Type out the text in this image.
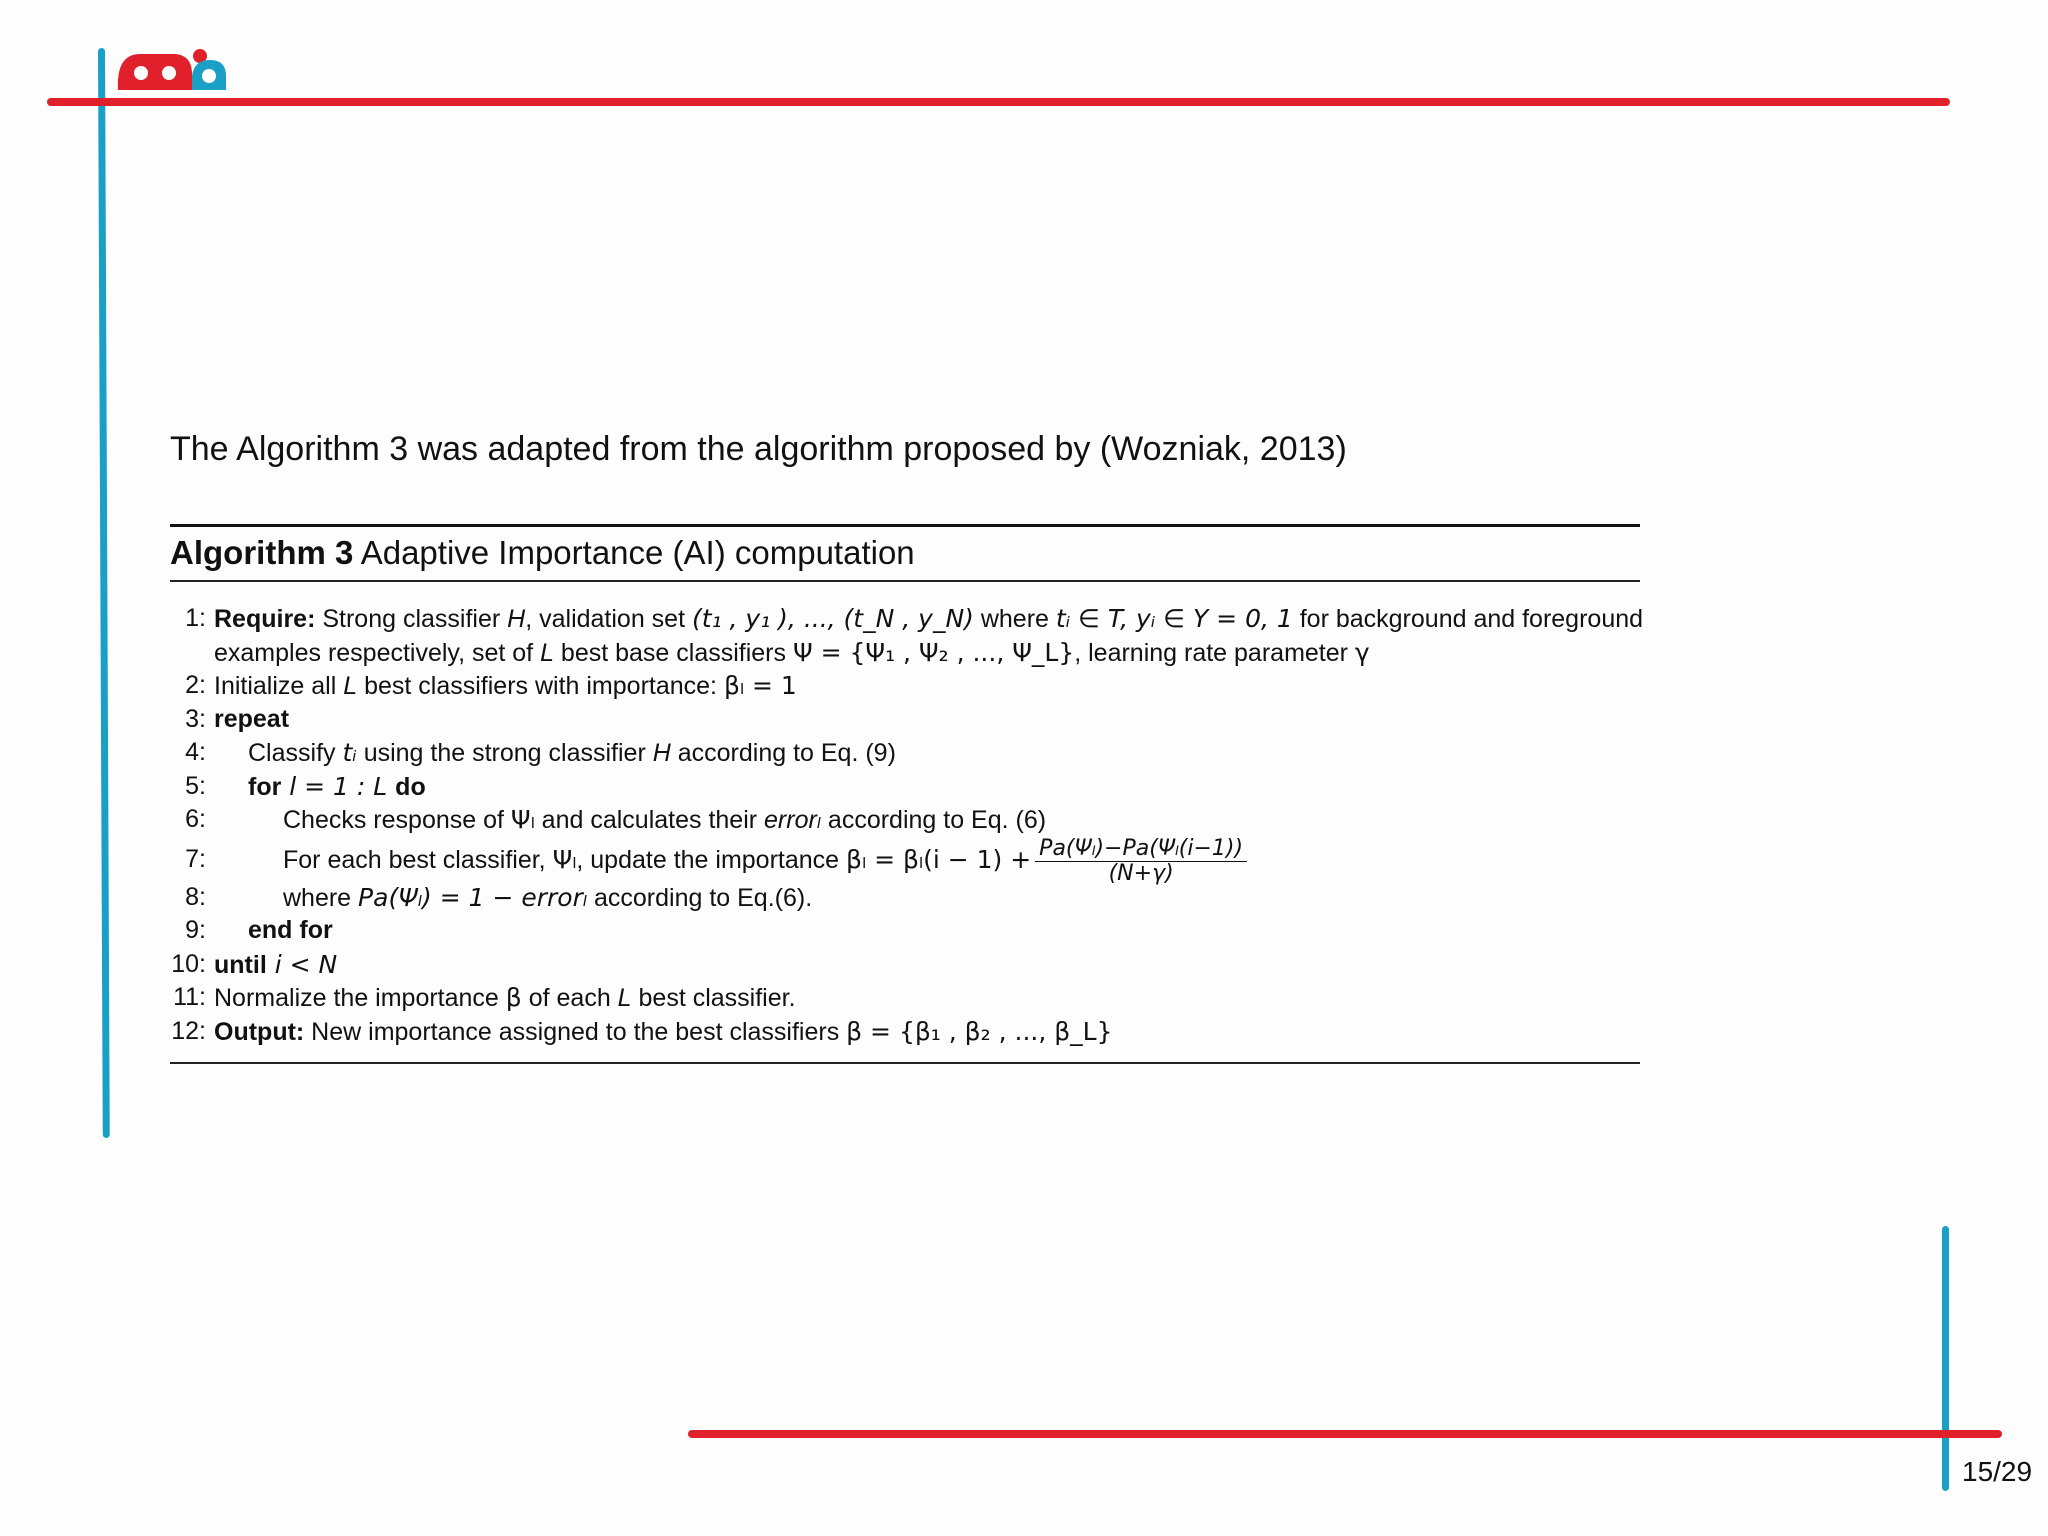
The Algorithm 3 was adapted from the algorithm proposed by (Wozniak, 2013)
Algorithm 3 Adaptive Importance (AI) computation
1: Require: Strong classifier H, validation set (t₁ , y₁ ), ..., (t_N , y_N) where tᵢ ∈ T, yᵢ ∈ Y = 0, 1 for background and foreground
examples respectively, set of L best base classifiers Ψ = {Ψ₁ , Ψ₂ , ..., Ψ_L}, learning rate parameter γ
2: Initialize all L best classifiers with importance: βₗ = 1
3: repeat
4: Classify tᵢ using the strong classifier H according to Eq. (9)
5: for l = 1 : L do
6:	Checks response of Ψₗ and calculates their errorₗ according to Eq. (6)
7:	For each best classifier, Ψₗ, update the importance $\beta_l = \beta_l(i - 1) + \frac{\text{Pa(Ψₗ)−Pa(Ψₗ(i−1))}}{(N+\gamma)}$
8:	where Pa(Ψₗ) = 1 − errorₗ according to Eq.(6).
9: end for
10: until i < N
11: Normalize the importance β of each L best classifier.
12: Output: New importance assigned to the best classifiers β = {β₁ , β₂ , ..., β_L}
15/29
